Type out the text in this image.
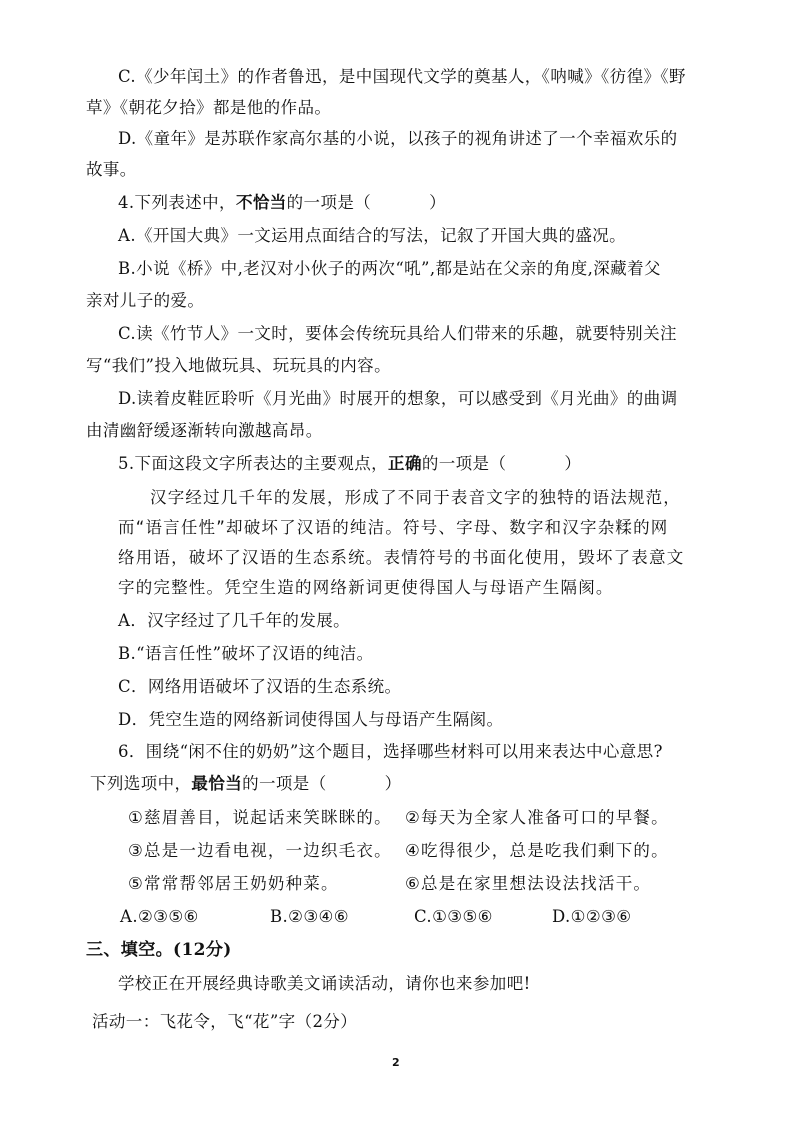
C.《少年闰土》的作者鲁迅，是中国现代文学的奠基人，《呐喊》《彷徨》《野
草》《朝花夕拾》都是他的作品。
D.《童年》是苏联作家高尔基的小说，以孩子的视角讲述了一个幸福欢乐的
故事。
4.下列表述中，不恰当的一项是（	）
A.《开国大典》一文运用点面结合的写法，记叙了开国大典的盛况。
B.小说《桥》中,老汉对小伙子的两次“吼”,都是站在父亲的角度,深藏着父
亲对儿子的爱。
C.读《竹节人》一文时，要体会传统玩具给人们带来的乐趣，就要特别关注
写“我们”投入地做玩具、玩玩具的内容。
D.读着皮鞋匠聆听《月光曲》时展开的想象，可以感受到《月光曲》的曲调
由清幽舒缓逐渐转向激越高昂。
5.下面这段文字所表达的主要观点，正确的一项是（	）
汉字经过几千年的发展，形成了不同于表音文字的独特的语法规范，
而“语言任性”却破坏了汉语的纯洁。符号、字母、数字和汉字杂糅的网
络用语，破坏了汉语的生态系统。表情符号的书面化使用，毁坏了表意文
字的完整性。凭空生造的网络新词更使得国人与母语产生隔阂。
A．汉字经过了几千年的发展。
B.“语言任性”破坏了汉语的纯洁。
C．网络用语破坏了汉语的生态系统。
D．凭空生造的网络新词使得国人与母语产生隔阂。
6．围绕“闲不住的奶奶”这个题目，选择哪些材料可以用来表达中心意思?
下列选项中，最恰当的一项是（	）
①慈眉善目，说起话来笑眯眯的。 ②每天为全家人准备可口的早餐。
③总是一边看电视，一边织毛衣。 ④吃得很少，总是吃我们剩下的。
⑤常常帮邻居王奶奶种菜。	⑥总是在家里想法设法找活干。
A.②③⑤⑥	B.②③④⑥	C.①③⑤⑥	D.①②③⑥
三、填空。(12分)
学校正在开展经典诗歌美文诵读活动，请你也来参加吧!
活动一：飞花令，飞“花”字（2分）
2
